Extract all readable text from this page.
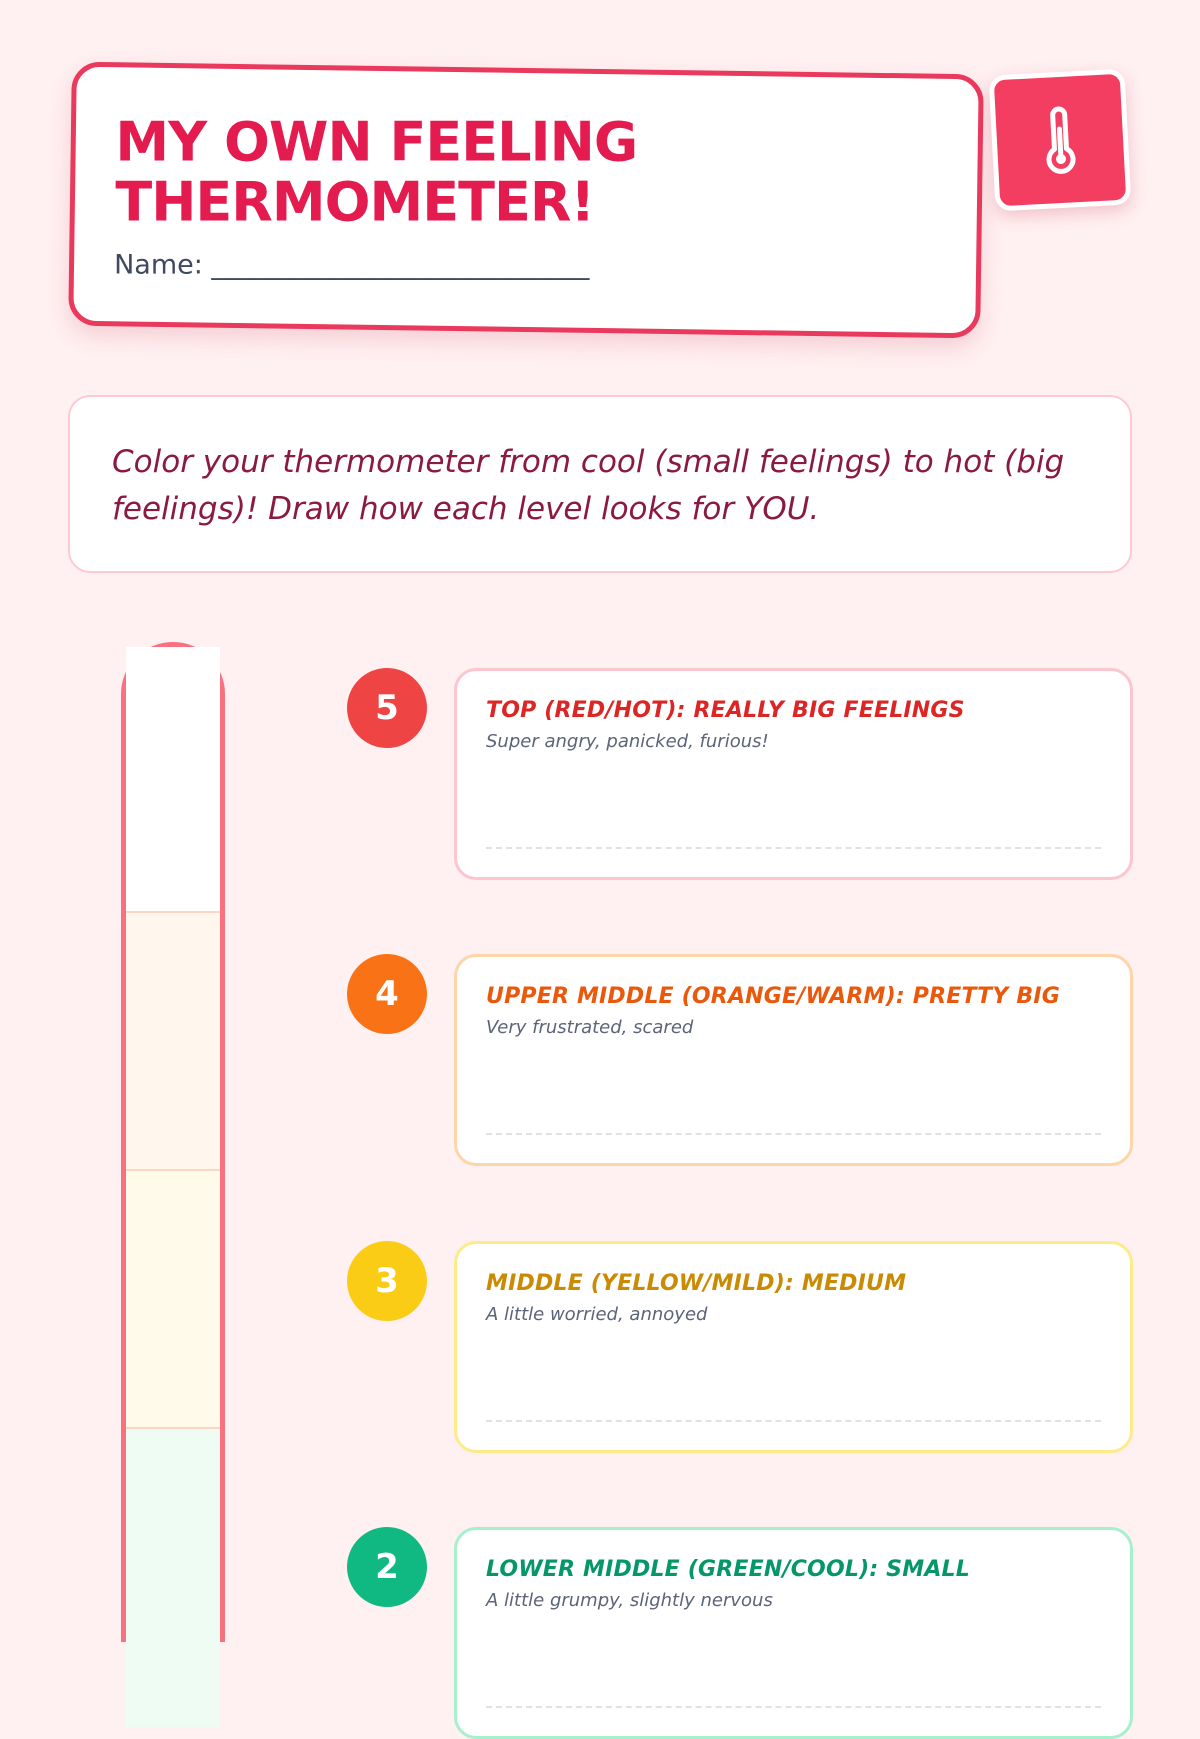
MY OWN FEELING THERMOMETER!
Name: ____________________________

Color your thermometer from cool (small feelings) to hot (big feelings)! Draw how each level looks for YOU.

5	TOP (RED/HOT): REALLY BIG FEELINGS
Super angry, panicked, furious!
4	UPPER MIDDLE (ORANGE/WARM): PRETTY BIG
Very frustrated, scared
3	MIDDLE (YELLOW/MILD): MEDIUM
A little worried, annoyed
2	LOWER MIDDLE (GREEN/COOL): SMALL
A little grumpy, slightly nervous
